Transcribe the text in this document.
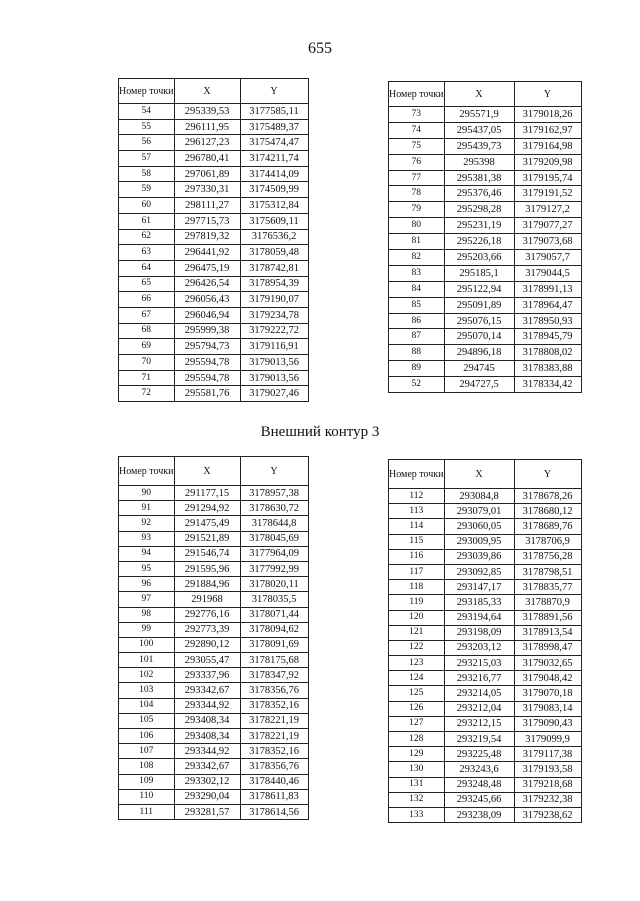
655
Номер точки	X	Y
54	295339,53	3177585,11
55	296111,95	3175489,37
56	296127,23	3175474,47
57	296780,41	3174211,74
58	297061,89	3174414,09
59	297330,31	3174509,99
60	298111,27	3175312,84
61	297715,73	3175609,11
62	297819,32	3176536,2
63	296441,92	3178059,48
64	296475,19	3178742,81
65	296426,54	3178954,39
66	296056,43	3179190,07
67	296046,94	3179234,78
68	295999,38	3179222,72
69	295794,73	3179116,91
70	295594,78	3179013,56
71	295594,78	3179013,56
72	295581,76	3179027,46
Номер точки	X	Y
73	295571,9	3179018,26
74	295437,05	3179162,97
75	295439,73	3179164,98
76	295398	3179209,98
77	295381,38	3179195,74
78	295376,46	3179191,52
79	295298,28	3179127,2
80	295231,19	3179077,27
81	295226,18	3179073,68
82	295203,66	3179057,7
83	295185,1	3179044,5
84	295122,94	3178991,13
85	295091,89	3178964,47
86	295076,15	3178950,93
87	295070,14	3178945,79
88	294896,18	3178808,02
89	294745	3178383,88
52	294727,5	3178334,42
Внешний контур 3
Номер точки	X	Y
90	291177,15	3178957,38
91	291294,92	3178630,72
92	291475,49	3178644,8
93	291521,89	3178045,69
94	291546,74	3177964,09
95	291595,96	3177992,99
96	291884,96	3178020,11
97	291968	3178035,5
98	292776,16	3178071,44
99	292773,39	3178094,62
100	292890,12	3178091,69
101	293055,47	3178175,68
102	293337,96	3178347,92
103	293342,67	3178356,76
104	293344,92	3178352,16
105	293408,34	3178221,19
106	293408,34	3178221,19
107	293344,92	3178352,16
108	293342,67	3178356,76
109	293302,12	3178440,46
110	293290,04	3178611,83
111	293281,57	3178614,56
Номер точки	X	Y
112	293084,8	3178678,26
113	293079,01	3178680,12
114	293060,05	3178689,76
115	293009,95	3178706,9
116	293039,86	3178756,28
117	293092,85	3178798,51
118	293147,17	3178835,77
119	293185,33	3178870,9
120	293194,64	3178891,56
121	293198,09	3178913,54
122	293203,12	3178998,47
123	293215,03	3179032,65
124	293216,77	3179048,42
125	293214,05	3179070,18
126	293212,04	3179083,14
127	293212,15	3179090,43
128	293219,54	3179099,9
129	293225,48	3179117,38
130	293243,6	3179193,58
131	293248,48	3179218,68
132	293245,66	3179232,38
133	293238,09	3179238,62
